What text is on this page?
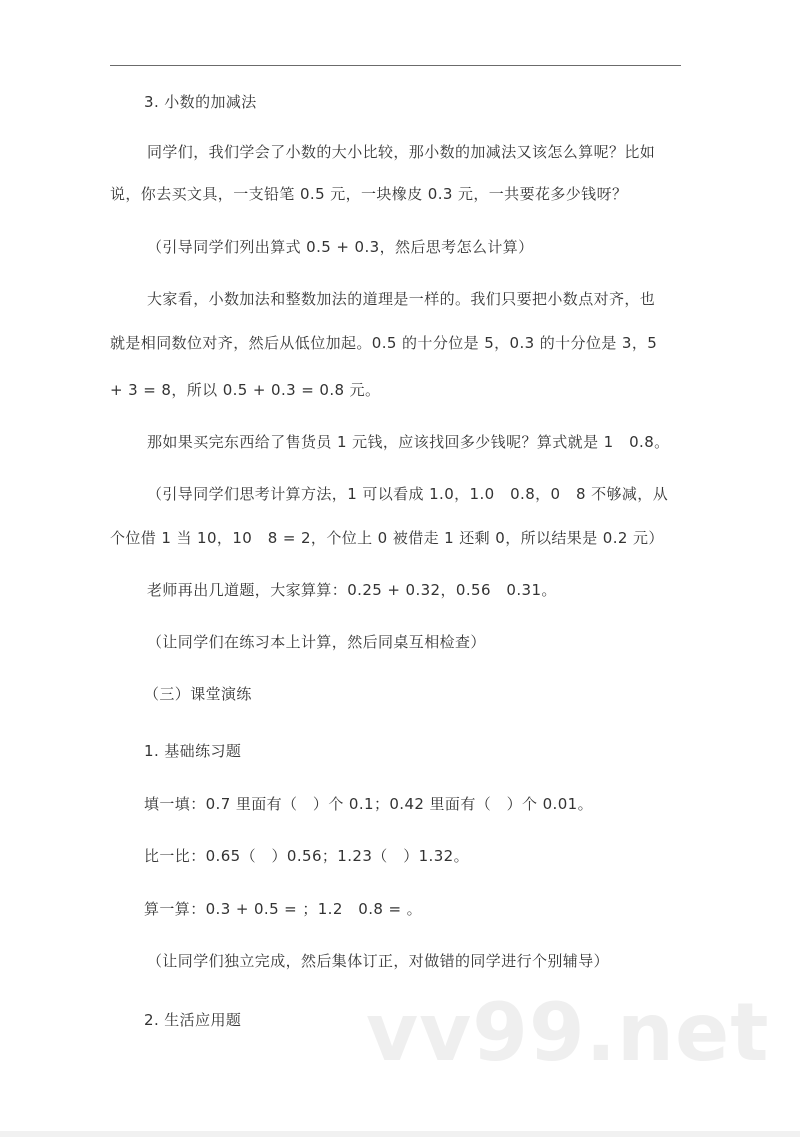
3. 小数的加减法
同学们，我们学会了小数的大小比较，那小数的加减法又该怎么算呢？比如
说，你去买文具，一支铅笔 0.5 元，一块橡皮 0.3 元，一共要花多少钱呀？
（引导同学们列出算式 0.5 + 0.3，然后思考怎么计算）
大家看，小数加法和整数加法的道理是一样的。我们只要把小数点对齐，也
就是相同数位对齐，然后从低位加起。0.5 的十分位是 5，0.3 的十分位是 3，5
+ 3 = 8，所以 0.5 + 0.3 = 0.8 元。
那如果买完东西给了售货员 1 元钱，应该找回多少钱呢？算式就是 1   0.8。
（引导同学们思考计算方法，1 可以看成 1.0，1.0   0.8，0   8 不够减，从
个位借 1 当 10，10   8 = 2，个位上 0 被借走 1 还剩 0，所以结果是 0.2 元）
老师再出几道题，大家算算：0.25 + 0.32，0.56   0.31。
（让同学们在练习本上计算，然后同桌互相检查）
（三）课堂演练
1. 基础练习题
填一填：0.7 里面有（   ）个 0.1；0.42 里面有（   ）个 0.01。
比一比：0.65（   ）0.56；1.23（   ）1.32。
算一算：0.3 + 0.5 = ；1.2   0.8 = 。
（让同学们独立完成，然后集体订正，对做错的同学进行个别辅导）
2. 生活应用题 vv99.net
